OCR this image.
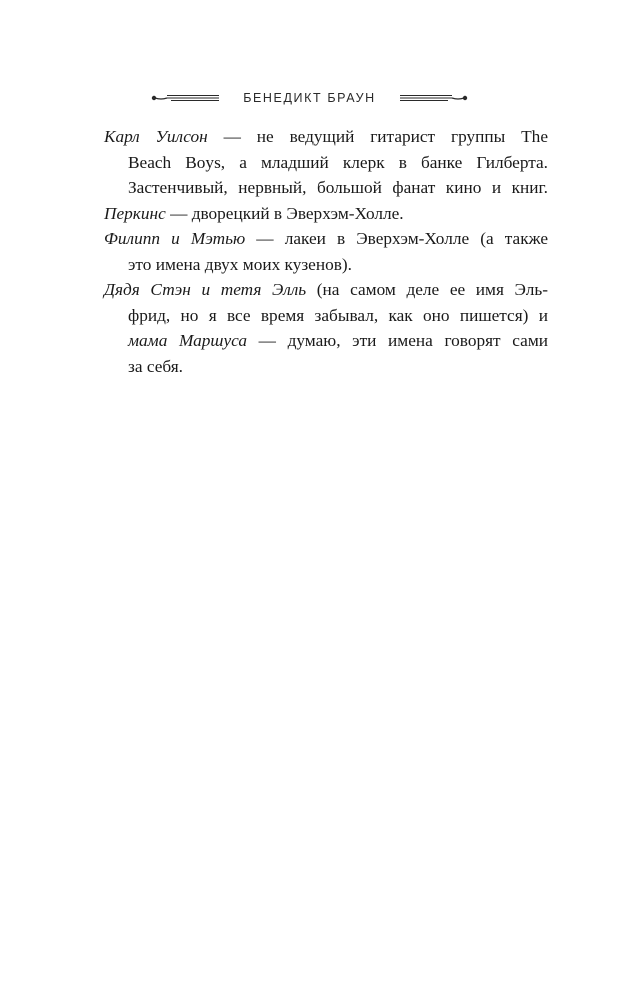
БЕНЕДИКТ БРАУН

Карл Уилсон — не ведущий гитарист группы The
Beach Boys, а младший клерк в банке Гилберта.
Застенчивый, нервный, большой фанат кино и книг.

Перкинс — дворецкий в Эверхэм-Холле.

Филипп и Мэтью — лакеи в Эверхэм-Холле (а также
это имена двух моих кузенов).

Дядя Стэн и тетя Элль (на самом деле ее имя Эль-
фрид, но я все время забывал, как оно пишется) и
мама Маршуса — думаю, эти имена говорят сами
за себя.
